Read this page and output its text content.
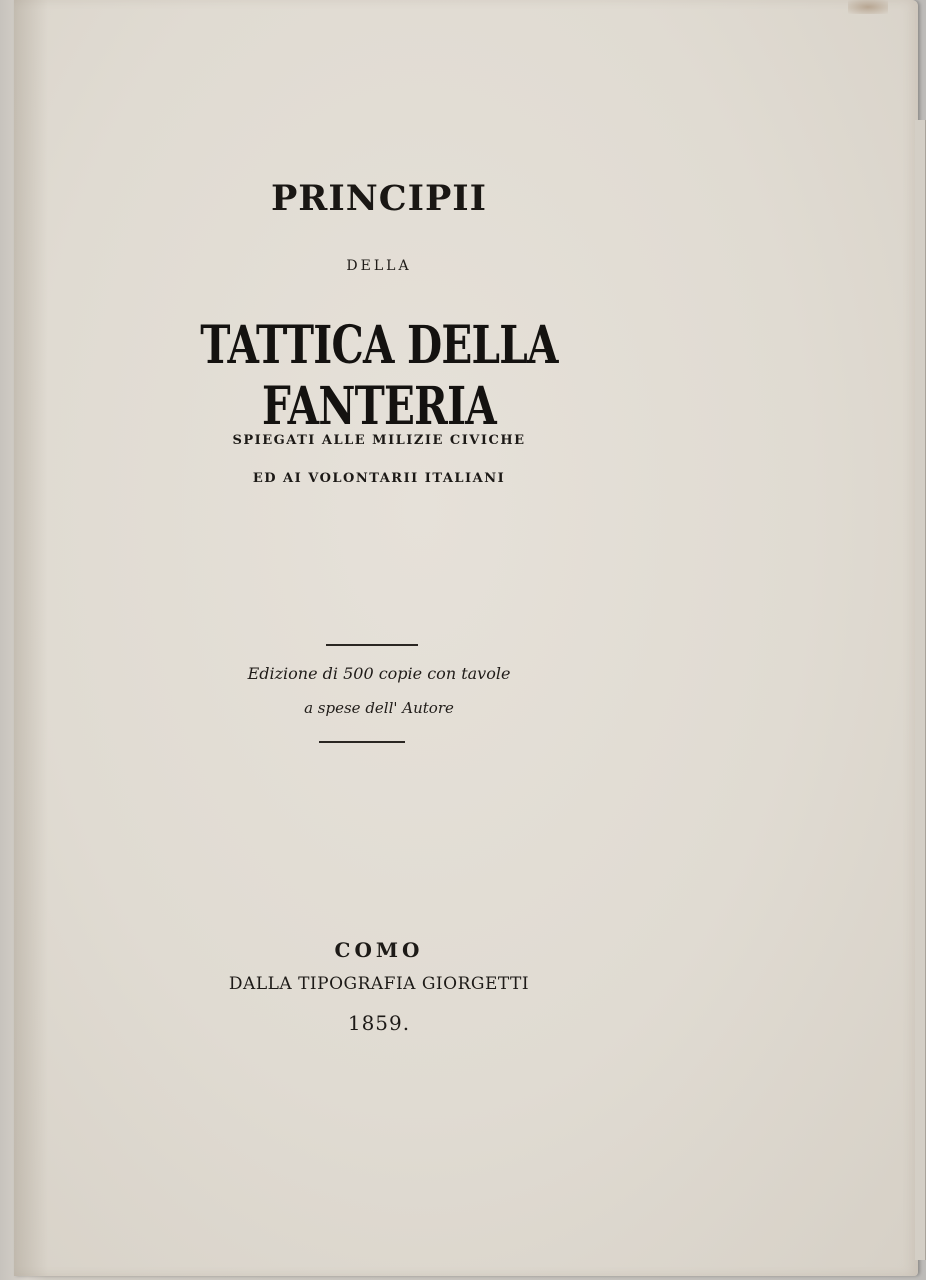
PRINCIPII
DELLA
TATTICA DELLA FANTERIA
SPIEGATI ALLE MILIZIE CIVICHE
ED AI VOLONTARII ITALIANI
Edizione di 500 copie con tavole
a spese dell' Autore
COMO
DALLA TIPOGRAFIA GIORGETTI
1859.
